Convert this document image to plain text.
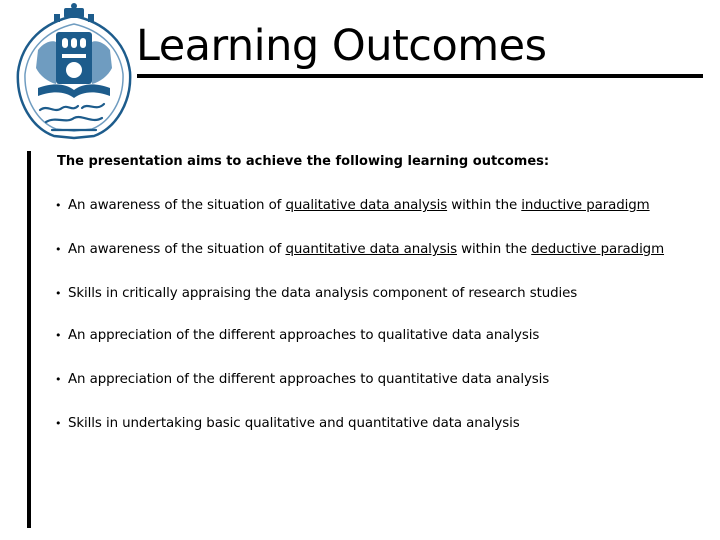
Learning Outcomes

The presentation aims to achieve the following learning outcomes:

• An awareness of the situation of qualitative data analysis within the inductive paradigm
• An awareness of the situation of quantitative data analysis within the deductive paradigm
• Skills in critically appraising the data analysis component of research studies
• An appreciation of the different approaches to qualitative data analysis
• An appreciation of the different approaches to quantitative data analysis
• Skills in undertaking basic qualitative and quantitative data analysis
